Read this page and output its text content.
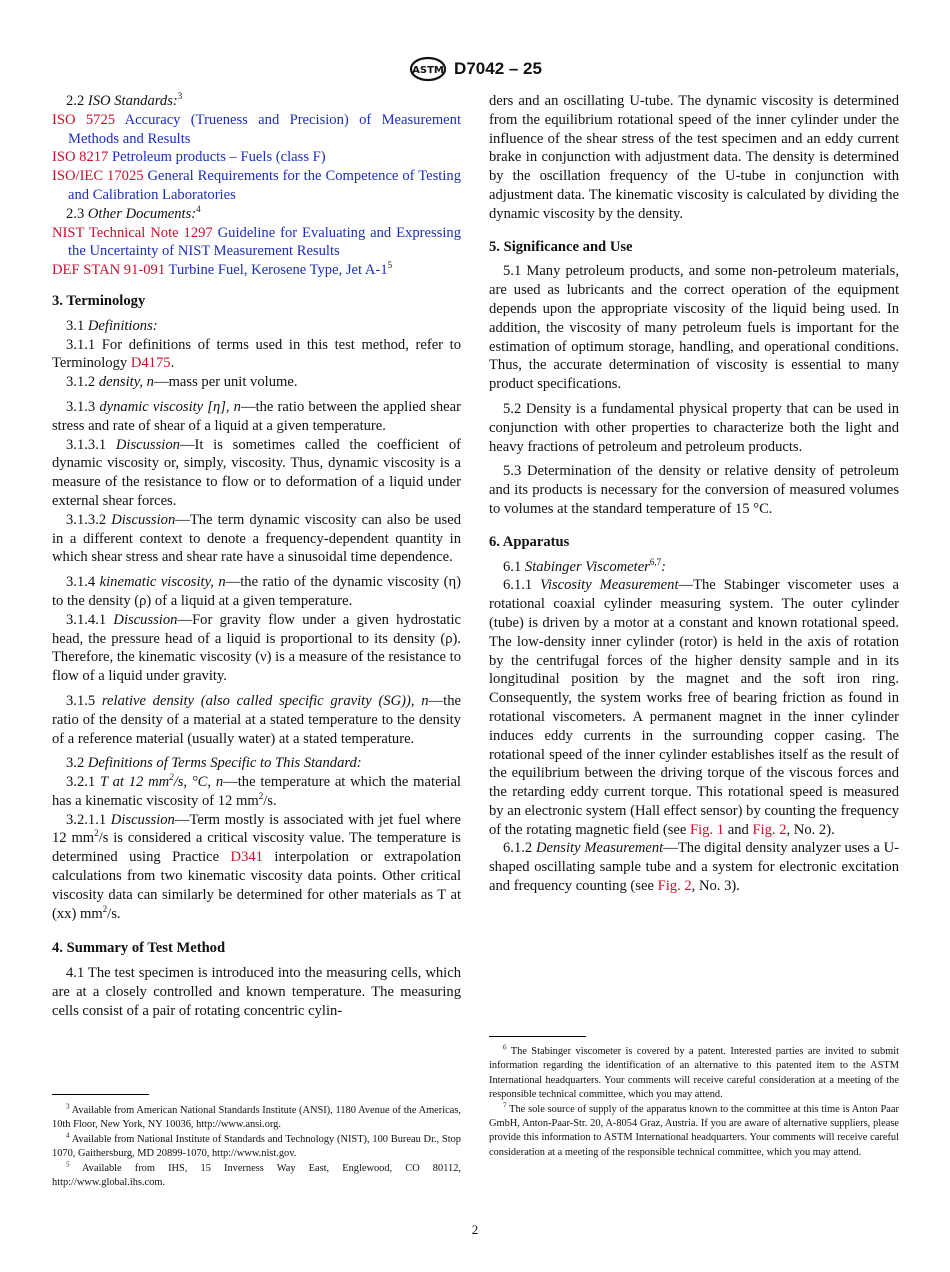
ASTM D7042 – 25

2.2 ISO Standards:$^3$

ISO 5725 Accuracy (Trueness and Precision) of Measurement Methods and Results

ISO 8217 Petroleum products – Fuels (class F)

ISO/IEC 17025 General Requirements for the Competence of Testing and Calibration Laboratories

2.3 Other Documents:$^4$

NIST Technical Note 1297 Guideline for Evaluating and Expressing the Uncertainty of NIST Measurement Results

DEF STAN 91-091 Turbine Fuel, Kerosene Type, Jet $A-1^5$

3. Terminology

3.1 Definitions:

3.1.1 For definitions of terms used in this test method, refer to Terminology D4175.

3.1.2 density, n—mass per unit volume.

3.1.3 dynamic viscosity [η], n—the ratio between the applied shear stress and rate of shear of a liquid at a given temperature.

3.1.3.1 Discussion—It is sometimes called the coefficient of dynamic viscosity or, simply, viscosity. Thus, dynamic viscosity is a measure of the resistance to flow or to deformation of a liquid under external shear forces.

3.1.3.2 Discussion—The term dynamic viscosity can also be used in a different context to denote a frequency-dependent quantity in which shear stress and shear rate have a sinusoidal time dependence.

3.1.4 kinematic viscosity, n—the ratio of the dynamic viscosity (η) to the density (ρ) of a liquid at a given temperature.

3.1.4.1 Discussion—For gravity flow under a given hydrostatic head, the pressure head of a liquid is proportional to its density (ρ). Therefore, the kinematic viscosity (ν) is a measure of the resistance to flow of a liquid under gravity.

3.1.5 relative density (also called specific gravity (SG)), n—the ratio of the density of a material at a stated temperature to the density of a reference material (usually water) at a stated temperature.

3.2 Definitions of Terms Specific to This Standard:

3.2.1 T at 12 $mm^2/s$, °C, n—the temperature at which the material has a kinematic viscosity of 12 $mm^2/s$.

3.2.1.1 Discussion—Term mostly is associated with jet fuel where 12 $mm^2/s$ is considered a critical viscosity value. The temperature is determined using Practice D341 interpolation or extrapolation calculations from two kinematic viscosity data points. Other critical viscosity data can similarly be determined for other materials as T at (xx) $mm^2/s$.

4. Summary of Test Method

4.1 The test specimen is introduced into the measuring cells, which are at a closely controlled and known temperature. The measuring cells consist of a pair of rotating concentric cylin-

ders and an oscillating U-tube. The dynamic viscosity is determined from the equilibrium rotational speed of the inner cylinder under the influence of the shear stress of the test specimen and an eddy current brake in conjunction with adjustment data. The density is determined by the oscillation frequency of the U-tube in conjunction with adjustment data. The kinematic viscosity is calculated by dividing the dynamic viscosity by the density.

5. Significance and Use

5.1 Many petroleum products, and some non-petroleum materials, are used as lubricants and the correct operation of the equipment depends upon the appropriate viscosity of the liquid being used. In addition, the viscosity of many petroleum fuels is important for the estimation of optimum storage, handling, and operational conditions. Thus, the accurate determination of viscosity is essential to many product specifications.

5.2 Density is a fundamental physical property that can be used in conjunction with other properties to characterize both the light and heavy fractions of petroleum and petroleum products.

5.3 Determination of the density or relative density of petroleum and its products is necessary for the conversion of measured volumes to volumes at the standard temperature of 15 °C.

6. Apparatus

6.1 Stabinger Viscometer$^{6,7}$:

6.1.1 Viscosity Measurement—The Stabinger viscometer uses a rotational coaxial cylinder measuring system. The outer cylinder (tube) is driven by a motor at a constant and known rotational speed. The low-density inner cylinder (rotor) is held in the axis of rotation by the centrifugal forces of the higher density sample and in its longitudinal position by the magnet and the soft iron ring. Consequently, the system works free of bearing friction as found in rotational viscometers. A permanent magnet in the inner cylinder induces eddy currents in the surrounding copper casing. The rotational speed of the inner cylinder establishes itself as the result of the equilibrium between the driving torque of the viscous forces and the retarding eddy current torque. This rotational speed is measured by an electronic system (Hall effect sensor) by counting the frequency of the rotating magnetic field (see Fig. 1 and Fig. 2, No. 2).

6.1.2 Density Measurement—The digital density analyzer uses a U-shaped oscillating sample tube and a system for electronic excitation and frequency counting (see Fig. 2, No. 3).

$^3$ Available from American National Standards Institute (ANSI), 1180 Avenue of the Americas, 10th Floor, New York, NY 10036, http://www.ansi.org.

$^4$ Available from National Institute of Standards and Technology (NIST), 100 Bureau Dr., Stop 1070, Gaithersburg, MD 20899-1070, http://www.nist.gov.

$^5$ Available from IHS, 15 Inverness Way East, Englewood, CO 80112, http://www.global.ihs.com.

$^6$ The Stabinger viscometer is covered by a patent. Interested parties are invited to submit information regarding the identification of an alternative to this patented item to the ASTM International headquarters. Your comments will receive careful consideration at a meeting of the responsible technical committee, which you may attend.

$^7$ The sole source of supply of the apparatus known to the committee at this time is Anton Paar GmbH, Anton-Paar-Str. 20, A-8054 Graz, Austria. If you are aware of alternative suppliers, please provide this information to ASTM International headquarters. Your comments will receive careful consideration at a meeting of the responsible technical committee, which you may attend.

2
